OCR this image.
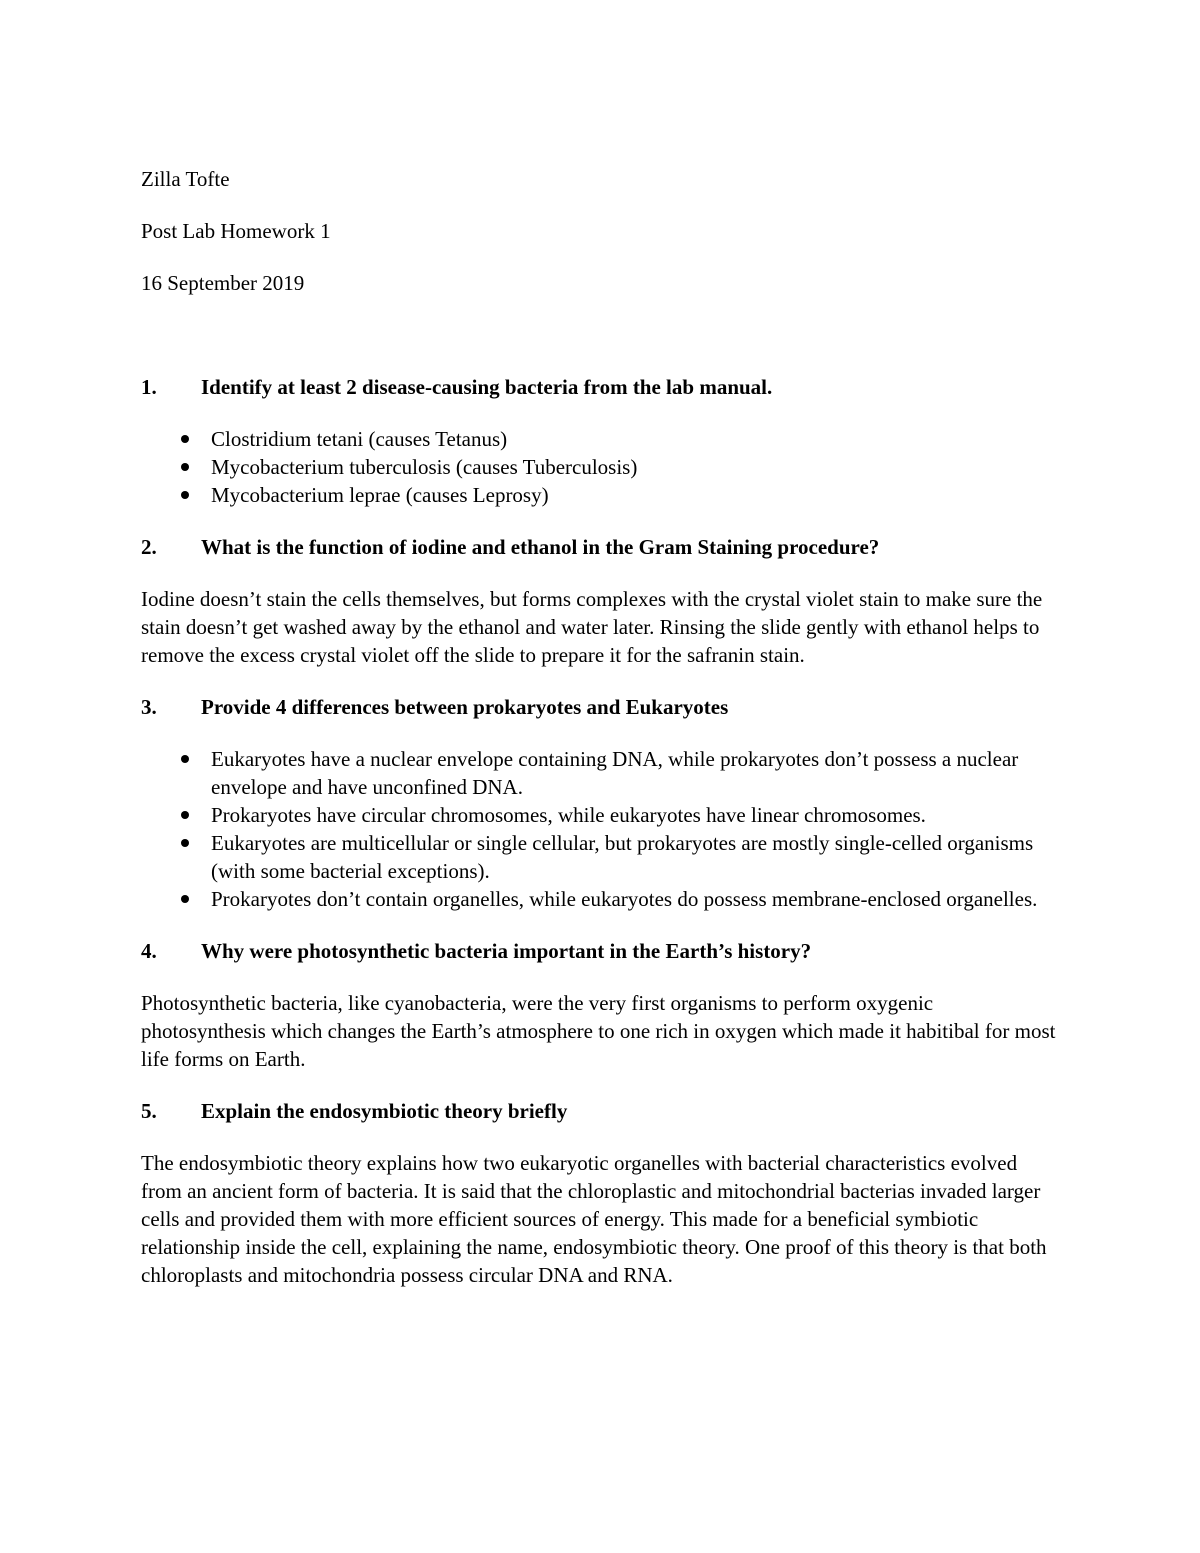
Zilla Tofte
Post Lab Homework 1
16 September 2019
1.	Identify at least 2 disease-causing bacteria from the lab manual.
Clostridium tetani (causes Tetanus)
Mycobacterium tuberculosis (causes Tuberculosis)
Mycobacterium leprae (causes Leprosy)
2.	What is the function of iodine and ethanol in the Gram Staining procedure?
Iodine doesn’t stain the cells themselves, but forms complexes with the crystal violet stain to make sure the stain doesn’t get washed away by the ethanol and water later. Rinsing the slide gently with ethanol helps to remove the excess crystal violet off the slide to prepare it for the safranin stain.
3.	Provide 4 differences between prokaryotes and Eukaryotes
Eukaryotes have a nuclear envelope containing DNA, while prokaryotes don’t possess a nuclear envelope and have unconfined DNA.
Prokaryotes have circular chromosomes, while eukaryotes have linear chromosomes.
Eukaryotes are multicellular or single cellular, but prokaryotes are mostly single-celled organisms (with some bacterial exceptions).
Prokaryotes don’t contain organelles, while eukaryotes do possess membrane-enclosed organelles.
4.	Why were photosynthetic bacteria important in the Earth’s history?
Photosynthetic bacteria, like cyanobacteria, were the very first organisms to perform oxygenic photosynthesis which changes the Earth’s atmosphere to one rich in oxygen which made it habitibal for most life forms on Earth.
5.	Explain the endosymbiotic theory briefly
The endosymbiotic theory explains how two eukaryotic organelles with bacterial characteristics evolved from an ancient form of bacteria. It is said that the chloroplastic and mitochondrial bacterias invaded larger cells and provided them with more efficient sources of energy. This made for a beneficial symbiotic relationship inside the cell, explaining the name, endosymbiotic theory. One proof of this theory is that both chloroplasts and mitochondria possess circular DNA and RNA.
